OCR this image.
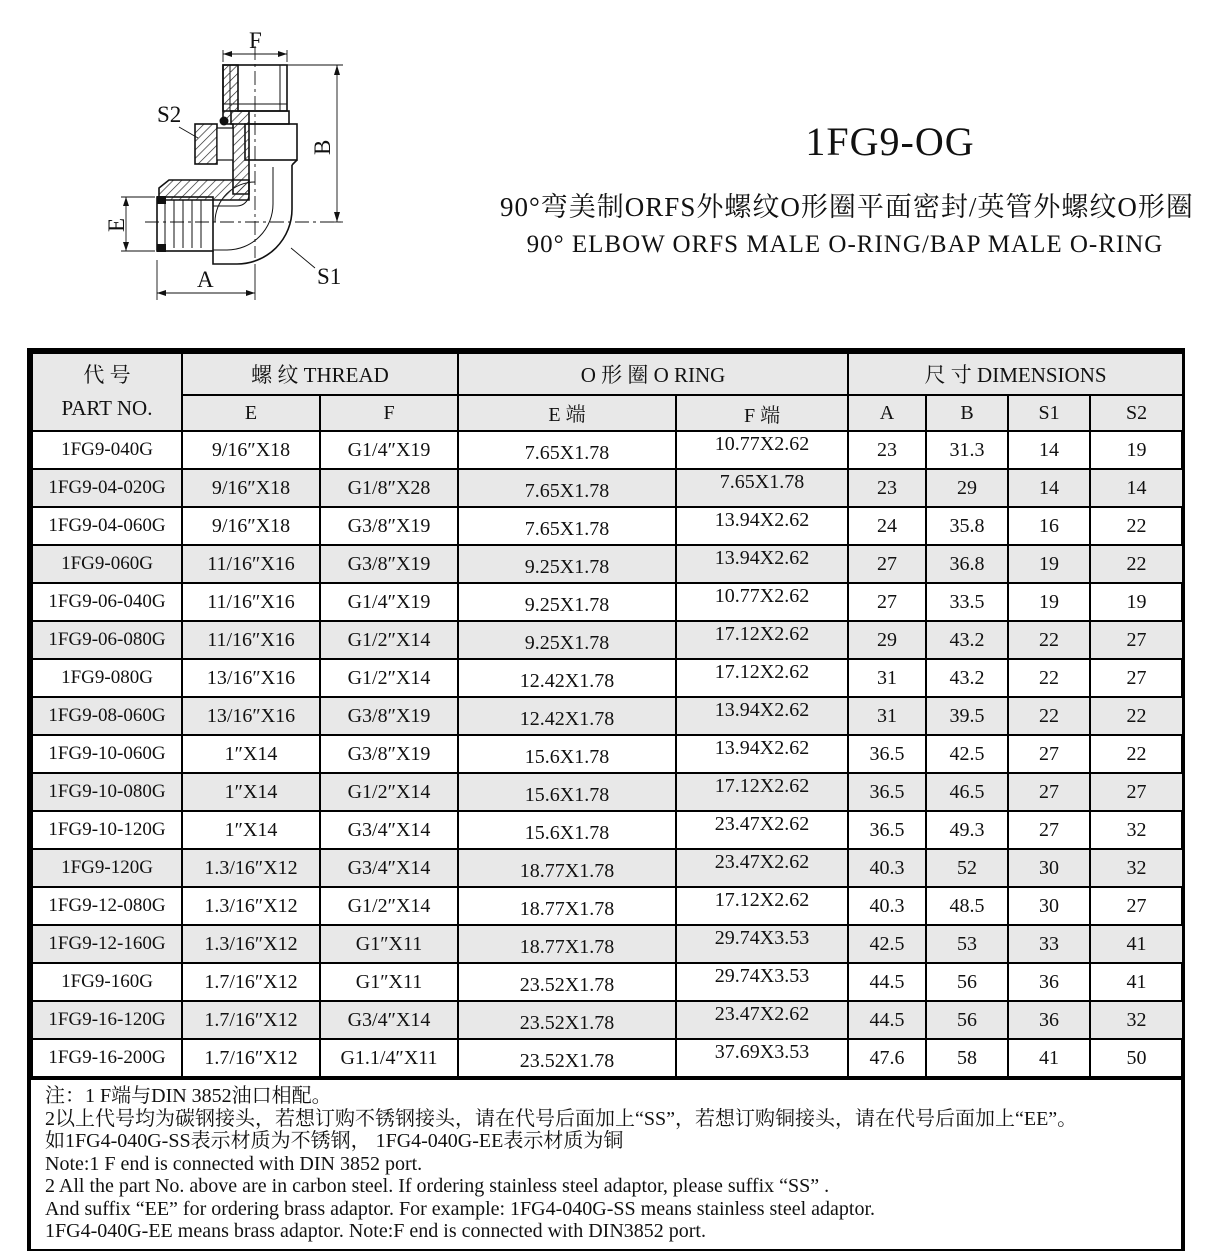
F
S2
B
E
S1
A
1FG9-OG
90°弯美制ORFS外螺纹O形圈平面密封/英管外螺纹O形圈
90° ELBOW ORFS MALE O-RING/BAP MALE O-RING
代 号
PART NO.	螺 纹 THREAD		O 形 圈 O RING		尺 寸 DIMENSIONS			
	E	F	E 端	F 端	A	B	S1	S2
1FG9-040G	9/16″X18	G1/4″X19	7.65X1.78	10.77X2.62	23	31.3	14	19
1FG9-04-020G	9/16″X18	G1/8″X28	7.65X1.78	7.65X1.78	23	29	14	14
1FG9-04-060G	9/16″X18	G3/8″X19	7.65X1.78	13.94X2.62	24	35.8	16	22
1FG9-060G	11/16″X16	G3/8″X19	9.25X1.78	13.94X2.62	27	36.8	19	22
1FG9-06-040G	11/16″X16	G1/4″X19	9.25X1.78	10.77X2.62	27	33.5	19	19
1FG9-06-080G	11/16″X16	G1/2″X14	9.25X1.78	17.12X2.62	29	43.2	22	27
1FG9-080G	13/16″X16	G1/2″X14	12.42X1.78	17.12X2.62	31	43.2	22	27
1FG9-08-060G	13/16″X16	G3/8″X19	12.42X1.78	13.94X2.62	31	39.5	22	22
1FG9-10-060G	1″X14	G3/8″X19	15.6X1.78	13.94X2.62	36.5	42.5	27	22
1FG9-10-080G	1″X14	G1/2″X14	15.6X1.78	17.12X2.62	36.5	46.5	27	27
1FG9-10-120G	1″X14	G3/4″X14	15.6X1.78	23.47X2.62	36.5	49.3	27	32
1FG9-120G	1.3/16″X12	G3/4″X14	18.77X1.78	23.47X2.62	40.3	52	30	32
1FG9-12-080G	1.3/16″X12	G1/2″X14	18.77X1.78	17.12X2.62	40.3	48.5	30	27
1FG9-12-160G	1.3/16″X12	G1″X11	18.77X1.78	29.74X3.53	42.5	53	33	41
1FG9-160G	1.7/16″X12	G1″X11	23.52X1.78	29.74X3.53	44.5	56	36	41
1FG9-16-120G	1.7/16″X12	G3/4″X14	23.52X1.78	23.47X2.62	44.5	56	36	32
1FG9-16-200G	1.7/16″X12	G1.1/4″X11	23.52X1.78	37.69X3.53	47.6	58	41	50
注：1 F端与DIN 3852油口相配。
2以上代号均为碳钢接头，若想订购不锈钢接头，请在代号后面加上“SS”，若想订购铜接头，请在代号后面加上“EE”。
如1FG4-040G-SS表示材质为不锈钢， 1FG4-040G-EE表示材质为铜
Note:1 F end is connected with DIN 3852 port.
2 All the part No. above are in carbon steel. If ordering stainless steel adaptor, please suffix “SS” .
And suffix “EE” for ordering brass adaptor. For example: 1FG4-040G-SS means stainless steel adaptor.
1FG4-040G-EE means brass adaptor. Note:F end is connected with DIN3852 port.
